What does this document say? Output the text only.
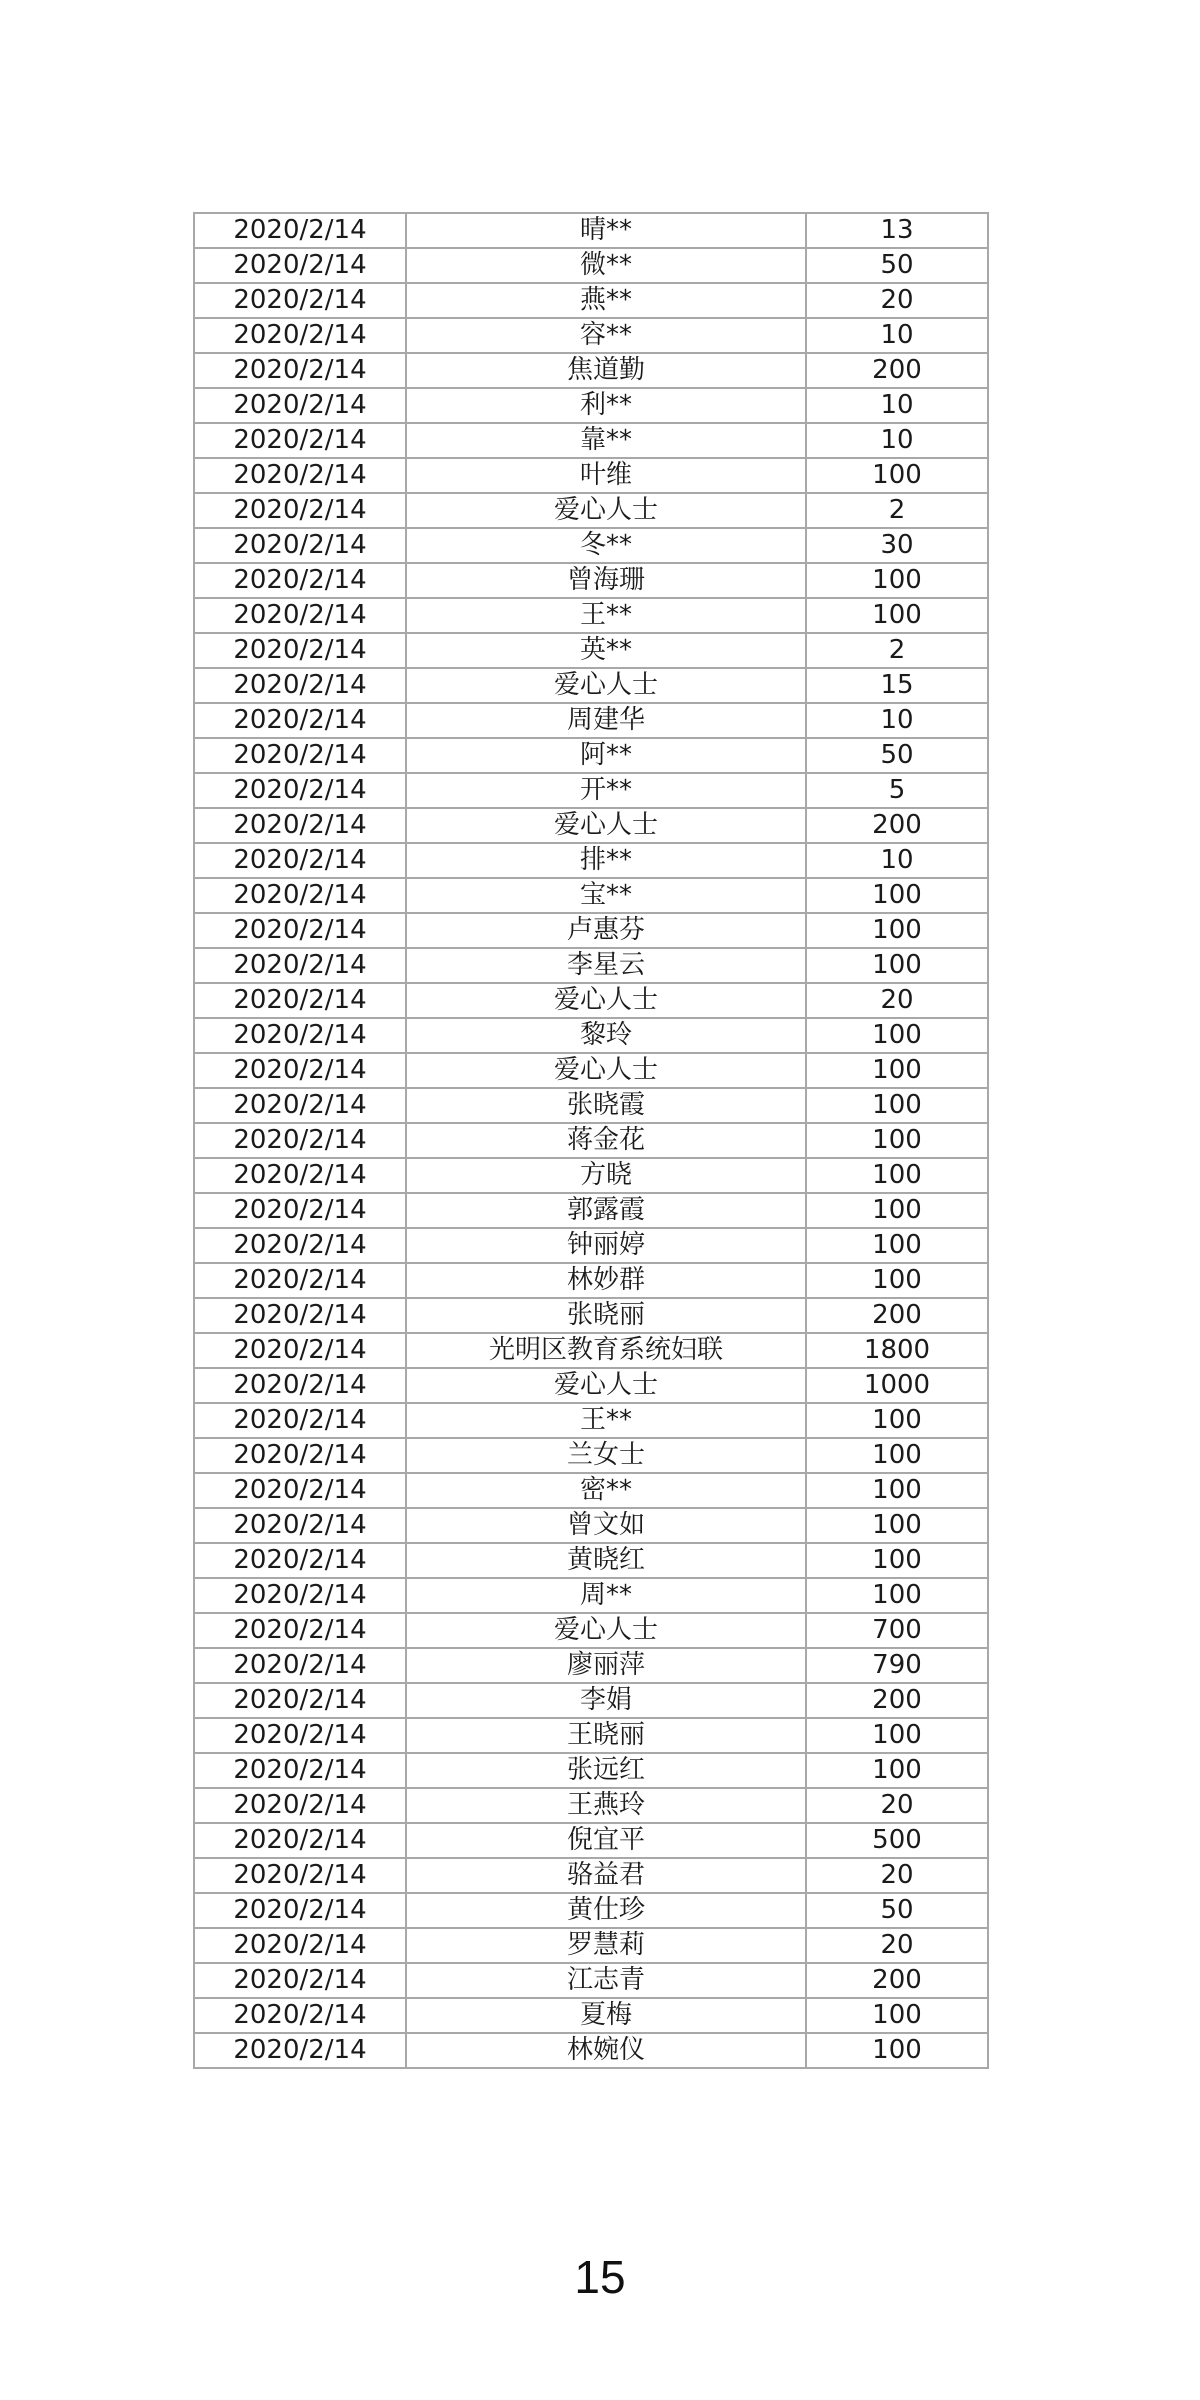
2020/2/14	晴**	13
2020/2/14	微**	50
2020/2/14	燕**	20
2020/2/14	容**	10
2020/2/14	焦道勤	200
2020/2/14	利**	10
2020/2/14	靠**	10
2020/2/14	叶维	100
2020/2/14	爱心人士	2
2020/2/14	冬**	30
2020/2/14	曾海珊	100
2020/2/14	王**	100
2020/2/14	英**	2
2020/2/14	爱心人士	15
2020/2/14	周建华	10
2020/2/14	阿**	50
2020/2/14	开**	5
2020/2/14	爱心人士	200
2020/2/14	排**	10
2020/2/14	宝**	100
2020/2/14	卢惠芬	100
2020/2/14	李星云	100
2020/2/14	爱心人士	20
2020/2/14	黎玲	100
2020/2/14	爱心人士	100
2020/2/14	张晓霞	100
2020/2/14	蒋金花	100
2020/2/14	方晓	100
2020/2/14	郭露霞	100
2020/2/14	钟丽婷	100
2020/2/14	林妙群	100
2020/2/14	张晓丽	200
2020/2/14	光明区教育系统妇联	1800
2020/2/14	爱心人士	1000
2020/2/14	王**	100
2020/2/14	兰女士	100
2020/2/14	密**	100
2020/2/14	曾文如	100
2020/2/14	黄晓红	100
2020/2/14	周**	100
2020/2/14	爱心人士	700
2020/2/14	廖丽萍	790
2020/2/14	李娟	200
2020/2/14	王晓丽	100
2020/2/14	张远红	100
2020/2/14	王燕玲	20
2020/2/14	倪宜平	500
2020/2/14	骆益君	20
2020/2/14	黄仕珍	50
2020/2/14	罗慧莉	20
2020/2/14	江志青	200
2020/2/14	夏梅	100
2020/2/14	林婉仪	100
15
